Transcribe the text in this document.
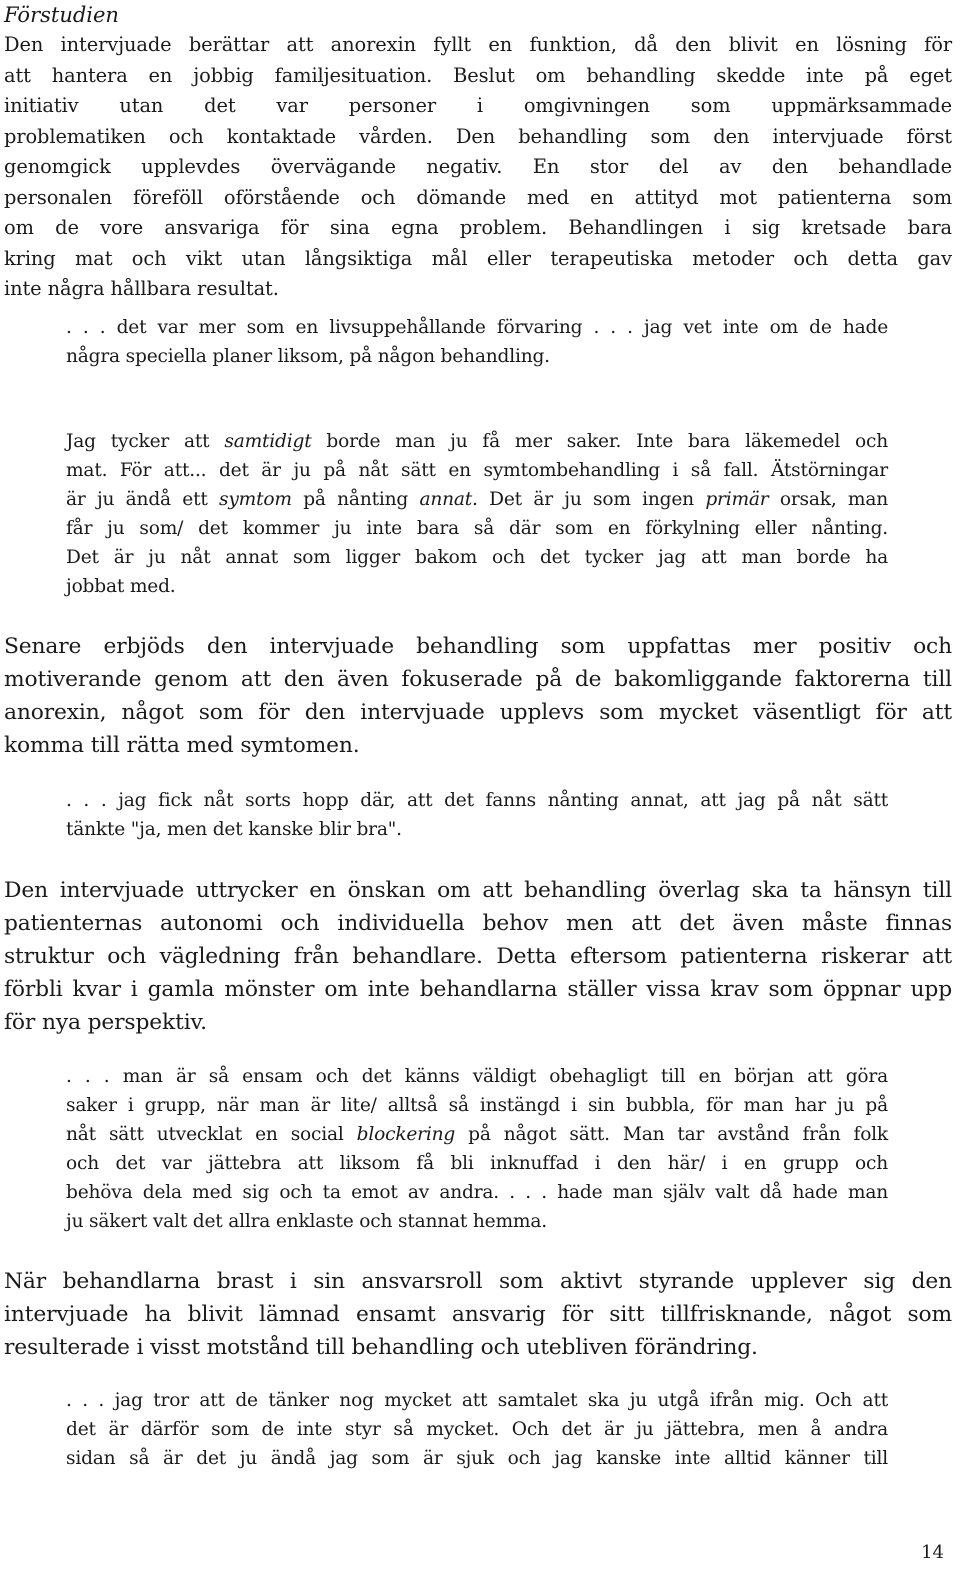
Förstudien

Den intervjuade berättar att anorexin fyllt en funktion, då den blivit en lösning för
att hantera en jobbig familjesituation. Beslut om behandling skedde inte på eget
initiativ utan det var personer i omgivningen som uppmärksammade
problematiken och kontaktade vården. Den behandling som den intervjuade först
genomgick upplevdes övervägande negativ. En stor del av den behandlade
personalen föreföll oförstående och dömande med en attityd mot patienterna som
om de vore ansvariga för sina egna problem. Behandlingen i sig kretsade bara
kring mat och vikt utan långsiktiga mål eller terapeutiska metoder och detta gav
inte några hållbara resultat.

. . . det var mer som en livsuppehållande förvaring . . . jag vet inte om de hade
några speciella planer liksom, på någon behandling.

Jag tycker att samtidigt borde man ju få mer saker. Inte bara läkemedel och
mat. För att... det är ju på nåt sätt en symtombehandling i så fall. Ätstörningar
är ju ändå ett symtom på nånting annat. Det är ju som ingen primär orsak, man
får ju som/ det kommer ju inte bara så där som en förkylning eller nånting.
Det är ju nåt annat som ligger bakom och det tycker jag att man borde ha
jobbat med.

Senare erbjöds den intervjuade behandling som uppfattas mer positiv och
motiverande genom att den även fokuserade på de bakomliggande faktorerna till
anorexin, något som för den intervjuade upplevs som mycket väsentligt för att
komma till rätta med symtomen.

. . . jag fick nåt sorts hopp där, att det fanns nånting annat, att jag på nåt sätt
tänkte "ja, men det kanske blir bra".

Den intervjuade uttrycker en önskan om att behandling överlag ska ta hänsyn till
patienternas autonomi och individuella behov men att det även måste finnas
struktur och vägledning från behandlare. Detta eftersom patienterna riskerar att
förbli kvar i gamla mönster om inte behandlarna ställer vissa krav som öppnar upp
för nya perspektiv.

. . . man är så ensam och det känns väldigt obehagligt till en början att göra
saker i grupp, när man är lite/ alltså så instängd i sin bubbla, för man har ju på
nåt sätt utvecklat en social blockering på något sätt. Man tar avstånd från folk
och det var jättebra att liksom få bli inknuffad i den här/ i en grupp och
behöva dela med sig och ta emot av andra. . . . hade man själv valt då hade man
ju säkert valt det allra enklaste och stannat hemma.

När behandlarna brast i sin ansvarsroll som aktivt styrande upplever sig den
intervjuade ha blivit lämnad ensamt ansvarig för sitt tillfrisknande, något som
resulterade i visst motstånd till behandling och utebliven förändring.

. . . jag tror att de tänker nog mycket att samtalet ska ju utgå ifrån mig. Och att
det är därför som de inte styr så mycket. Och det är ju jättebra, men å andra
sidan så är det ju ändå jag som är sjuk och jag kanske inte alltid känner till

14
